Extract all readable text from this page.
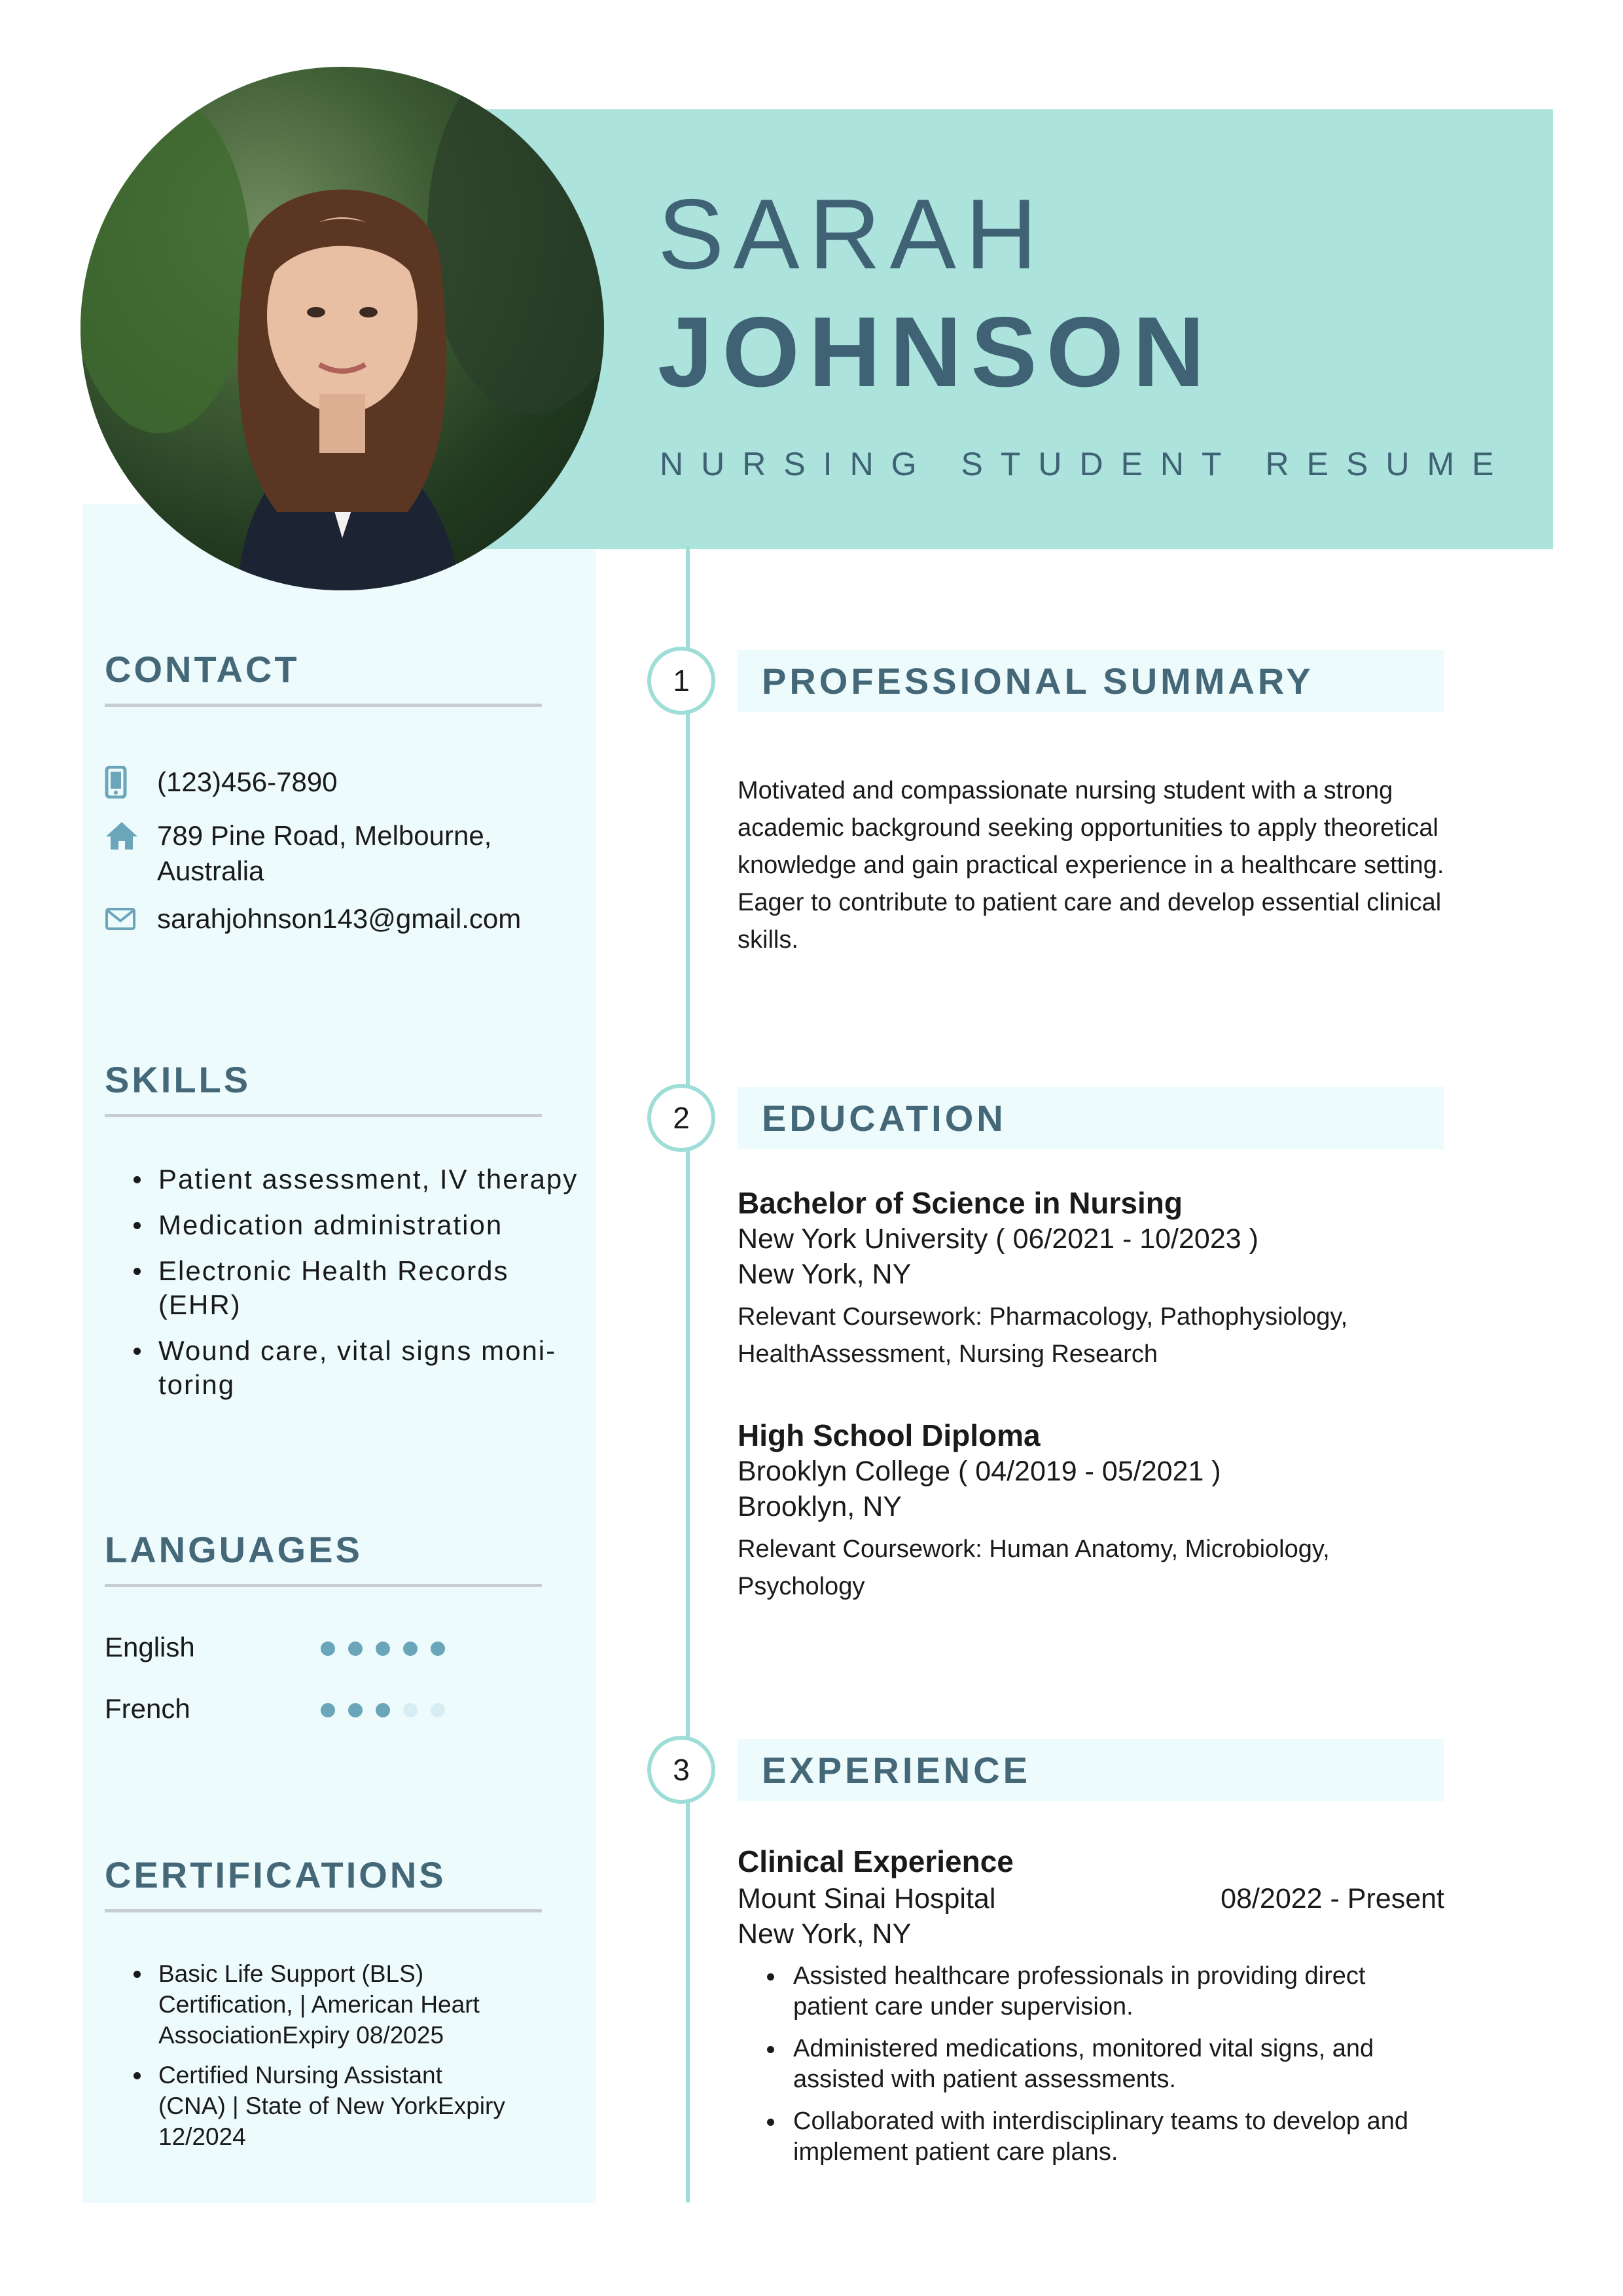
SARAH
JOHNSON
NURSING STUDENT RESUME
CONTACT
(123)456-7890
789 Pine Road, Melbourne,
Australia
sarahjohnson143@gmail.com
SKILLS
Patient assessment, IV therapy
Medication administration
Electronic Health Records
(EHR)
Wound care, vital signs moni-
toring
LANGUAGES
English
French
CERTIFICATIONS
Basic Life Support (BLS)
Certification, | American Heart
AssociationExpiry 08/2025
Certified Nursing Assistant
(CNA) | State of New YorkExpiry
12/2024
1	PROFESSIONAL SUMMARY
Motivated and compassionate nursing student with a strong
academic background seeking opportunities to apply theoretical
knowledge and gain practical experience in a healthcare setting.
Eager to contribute to patient care and develop essential clinical
skills.
2	EDUCATION
Bachelor of Science in Nursing
New York University ( 06/2021 - 10/2023 )
New York, NY
Relevant Coursework: Pharmacology, Pathophysiology,
HealthAssessment, Nursing Research
High School Diploma
Brooklyn College ( 04/2019 - 05/2021 )
Brooklyn, NY
Relevant Coursework: Human Anatomy, Microbiology,
Psychology
3	EXPERIENCE
Clinical Experience
Mount Sinai Hospital	08/2022 - Present
New York, NY
Assisted healthcare professionals in providing direct
patient care under supervision.
Administered medications, monitored vital signs, and
assisted with patient assessments.
Collaborated with interdisciplinary teams to develop and
implement patient care plans.
